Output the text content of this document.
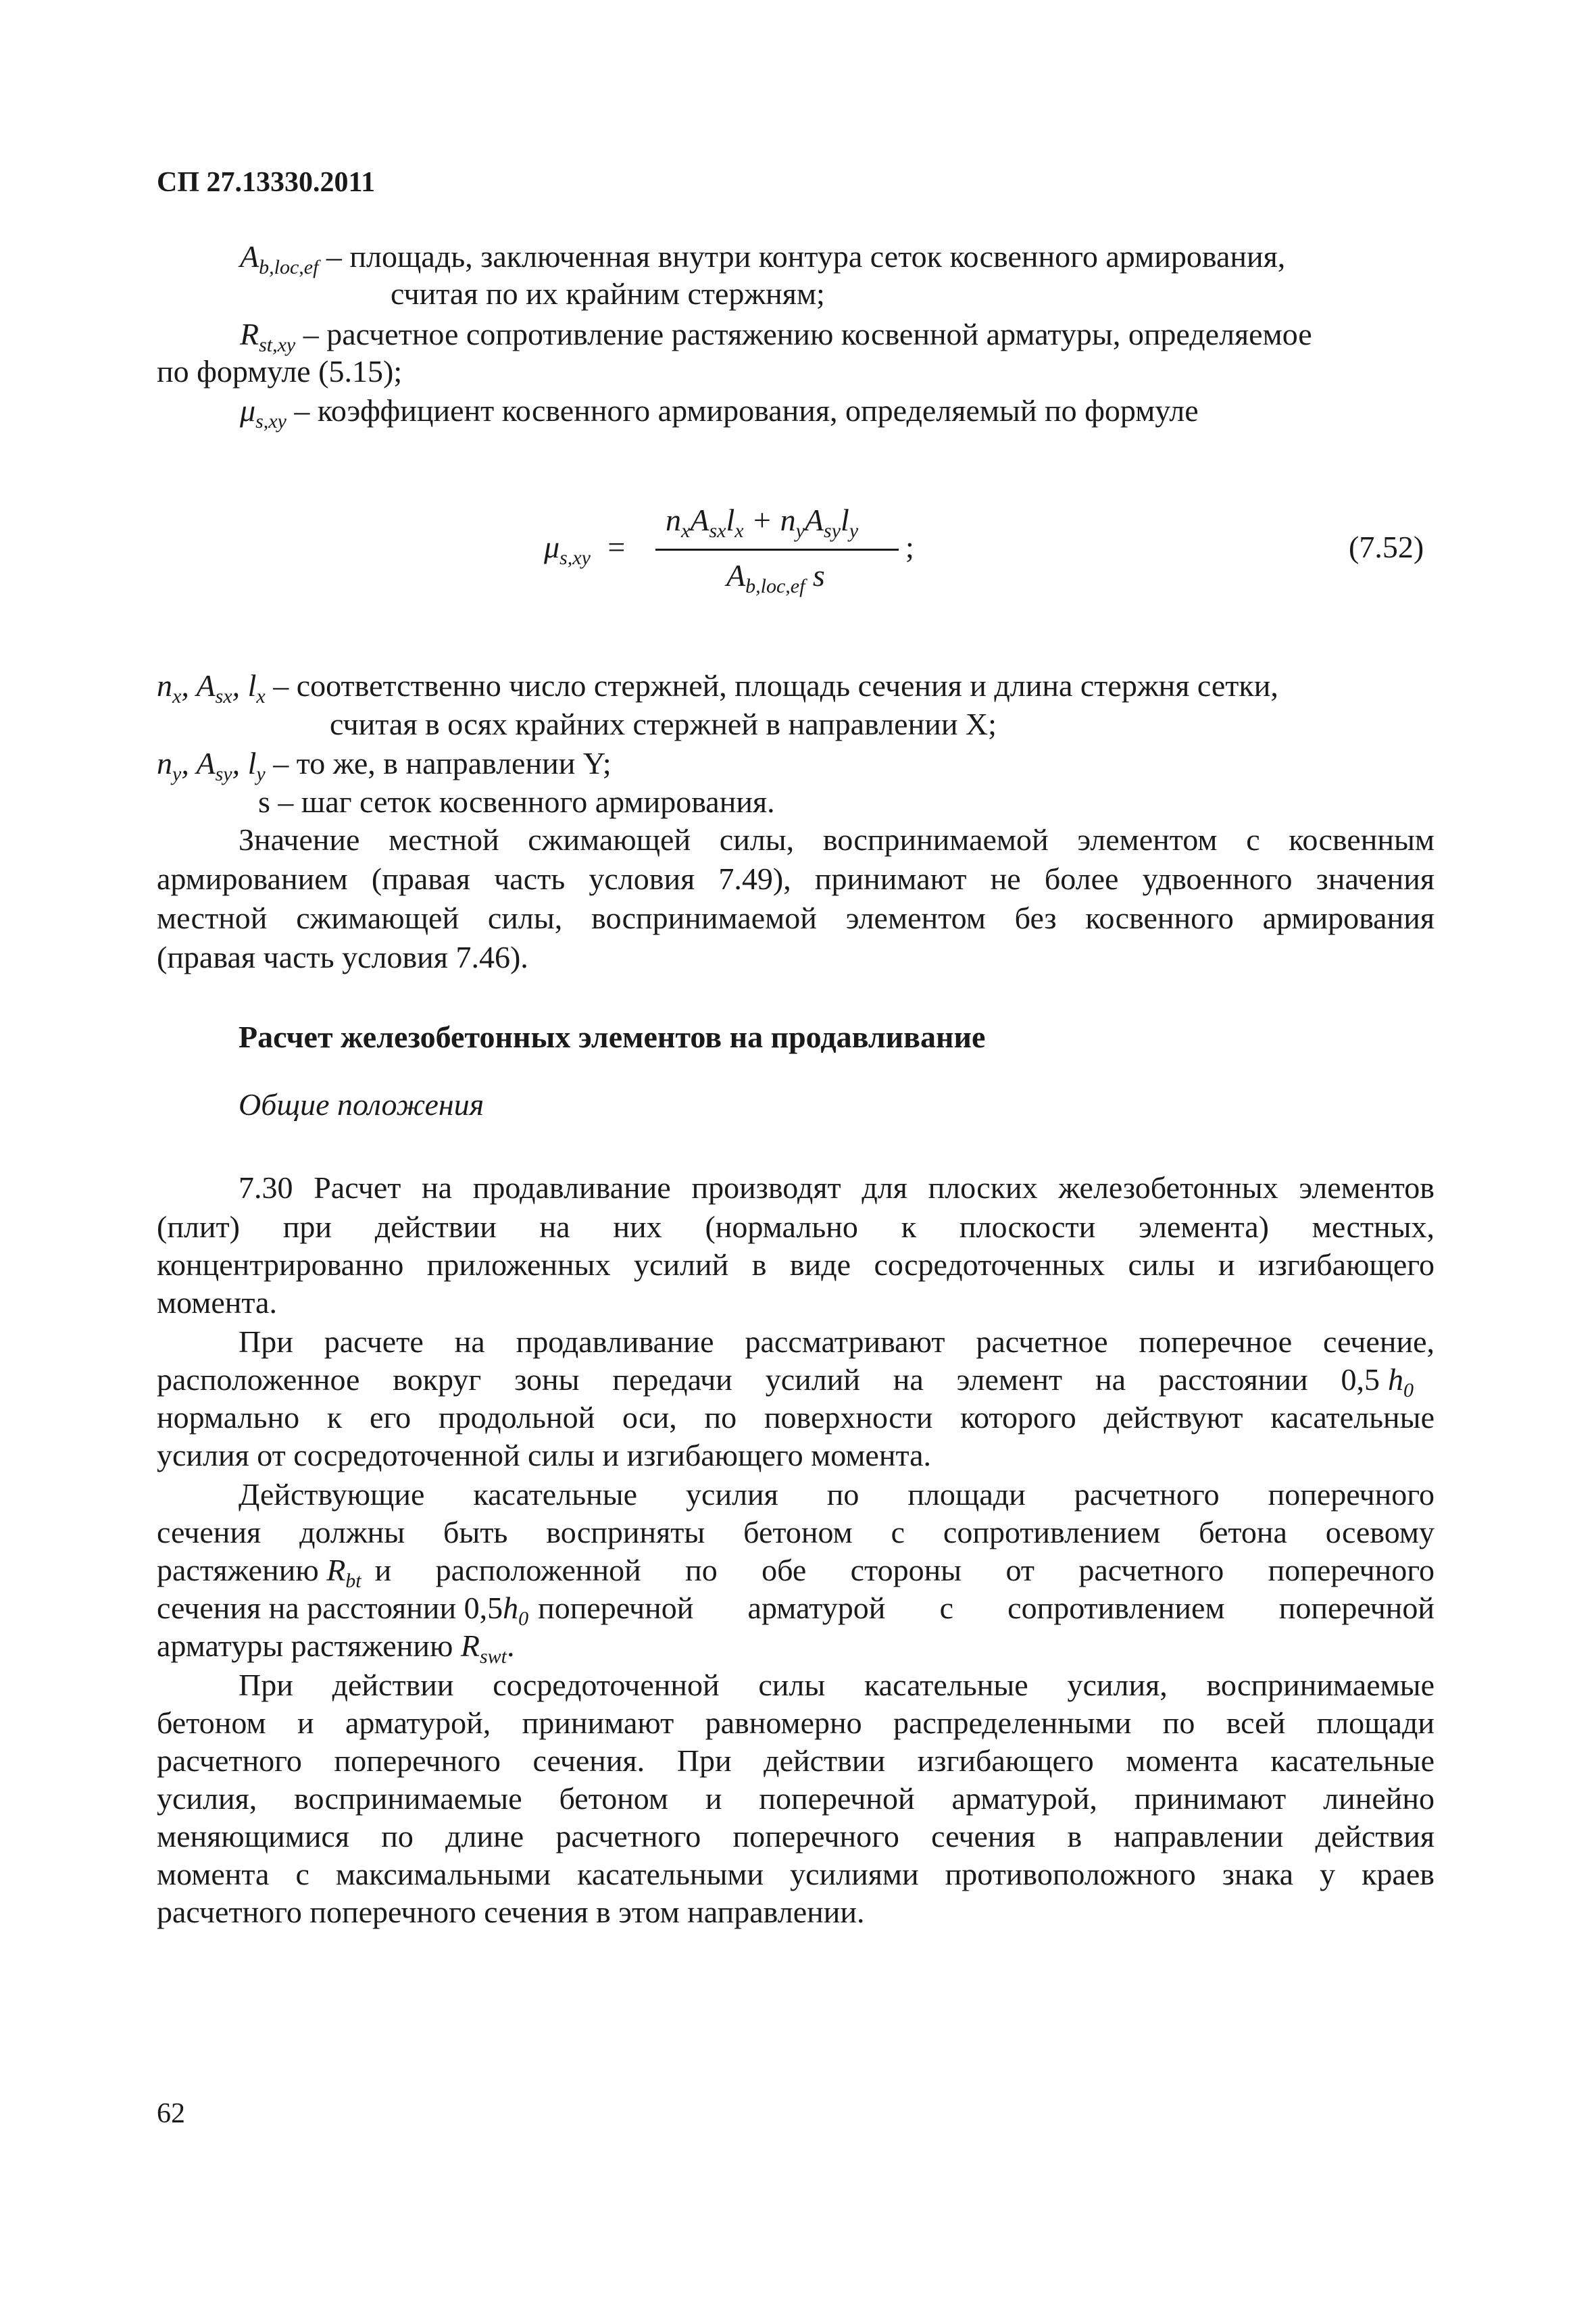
СП 27.13330.2011
$A_{b,loc,ef}$ – площадь, заключенная внутри контура сеток косвенного армирования,
считая по их крайним стержням;
$R_{st,xy}$ – расчетное сопротивление растяжению косвенной арматуры, определяемое
по формуле (5.15);
$\mu_{s,xy}$ – коэффициент косвенного армирования, определяемый по формуле
$\mu_{s,xy}$ =
$n_xA_{sx}l_x + n_yA_{sy}l_y$
$A_{b,loc,ef}$ s
;	(7.52)
$n_x$, $A_{sx}$, $l_x$ – соответственно число стержней, площадь сечения и длина стержня сетки,
считая в осях крайних стержней в направлении X;
$n_y$, $A_{sy}$, $l_y$ – то же, в направлении Y;
s – шаг сеток косвенного армирования.
Значение местной сжимающей силы, воспринимаемой элементом с косвенным
армированием (правая часть условия 7.49), принимают не более удвоенного значения
местной сжимающей силы, воспринимаемой элементом без косвенного армирования
(правая часть условия 7.46).
Расчет железобетонных элементов на продавливание
Общие положения
7.30 Расчет на продавливание производят для плоских железобетонных элементов
(плит) при действии на них (нормально к плоскости элемента) местных,
концентрированно приложенных усилий в виде сосредоточенных силы и изгибающего
момента.
При расчете на продавливание рассматривают расчетное поперечное сечение,
расположенное вокруг зоны передачи усилий на элемент на расстоянии 0,5 $h_0$
нормально к его продольной оси, по поверхности которого действуют касательные
усилия от сосредоточенной силы и изгибающего момента.
Действующие касательные усилия по площади расчетного поперечного
сечения должны быть восприняты бетоном с сопротивлением бетона осевому
растяжению $R_{bt}$ и расположенной по обе стороны от расчетного поперечного
сечения на расстоянии $0,5h_0$ поперечной арматурой с сопротивлением поперечной
арматуры растяжению $R_{swt}$.
При действии сосредоточенной силы касательные усилия, воспринимаемые
бетоном и арматурой, принимают равномерно распределенными по всей площади
расчетного поперечного сечения. При действии изгибающего момента касательные
усилия, воспринимаемые бетоном и поперечной арматурой, принимают линейно
меняющимися по длине расчетного поперечного сечения в направлении действия
момента с максимальными касательными усилиями противоположного знака у краев
расчетного поперечного сечения в этом направлении.
62
